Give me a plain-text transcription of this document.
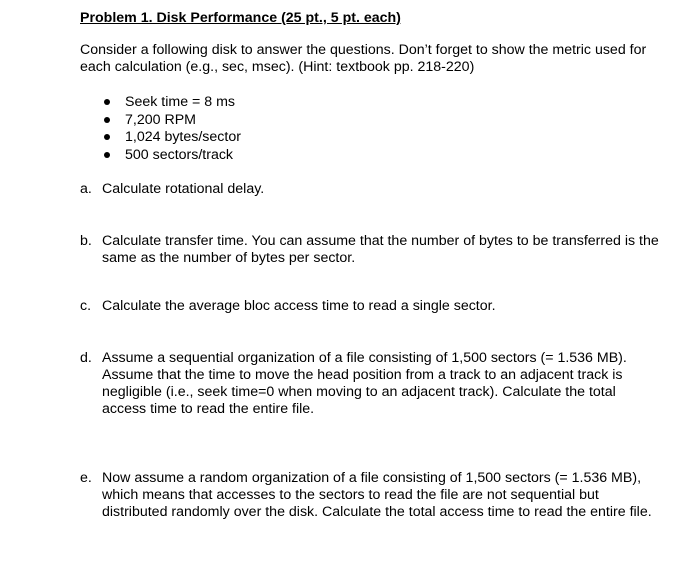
Problem 1. Disk Performance (25 pt., 5 pt. each)
Consider a following disk to answer the questions. Don’t forget to show the metric used for each calculation (e.g., sec, msec). (Hint: textbook pp. 218-220)
Seek time = 8 ms
7,200 RPM
1,024 bytes/sector
500 sectors/track
a. Calculate rotational delay.
b. Calculate transfer time. You can assume that the number of bytes to be transferred is the same as the number of bytes per sector.
c. Calculate the average bloc access time to read a single sector.
d. Assume a sequential organization of a file consisting of 1,500 sectors (= 1.536 MB). Assume that the time to move the head position from a track to an adjacent track is negligible (i.e., seek time=0 when moving to an adjacent track). Calculate the total access time to read the entire file.
e. Now assume a random organization of a file consisting of 1,500 sectors (= 1.536 MB), which means that accesses to the sectors to read the file are not sequential but distributed randomly over the disk. Calculate the total access time to read the entire file.
